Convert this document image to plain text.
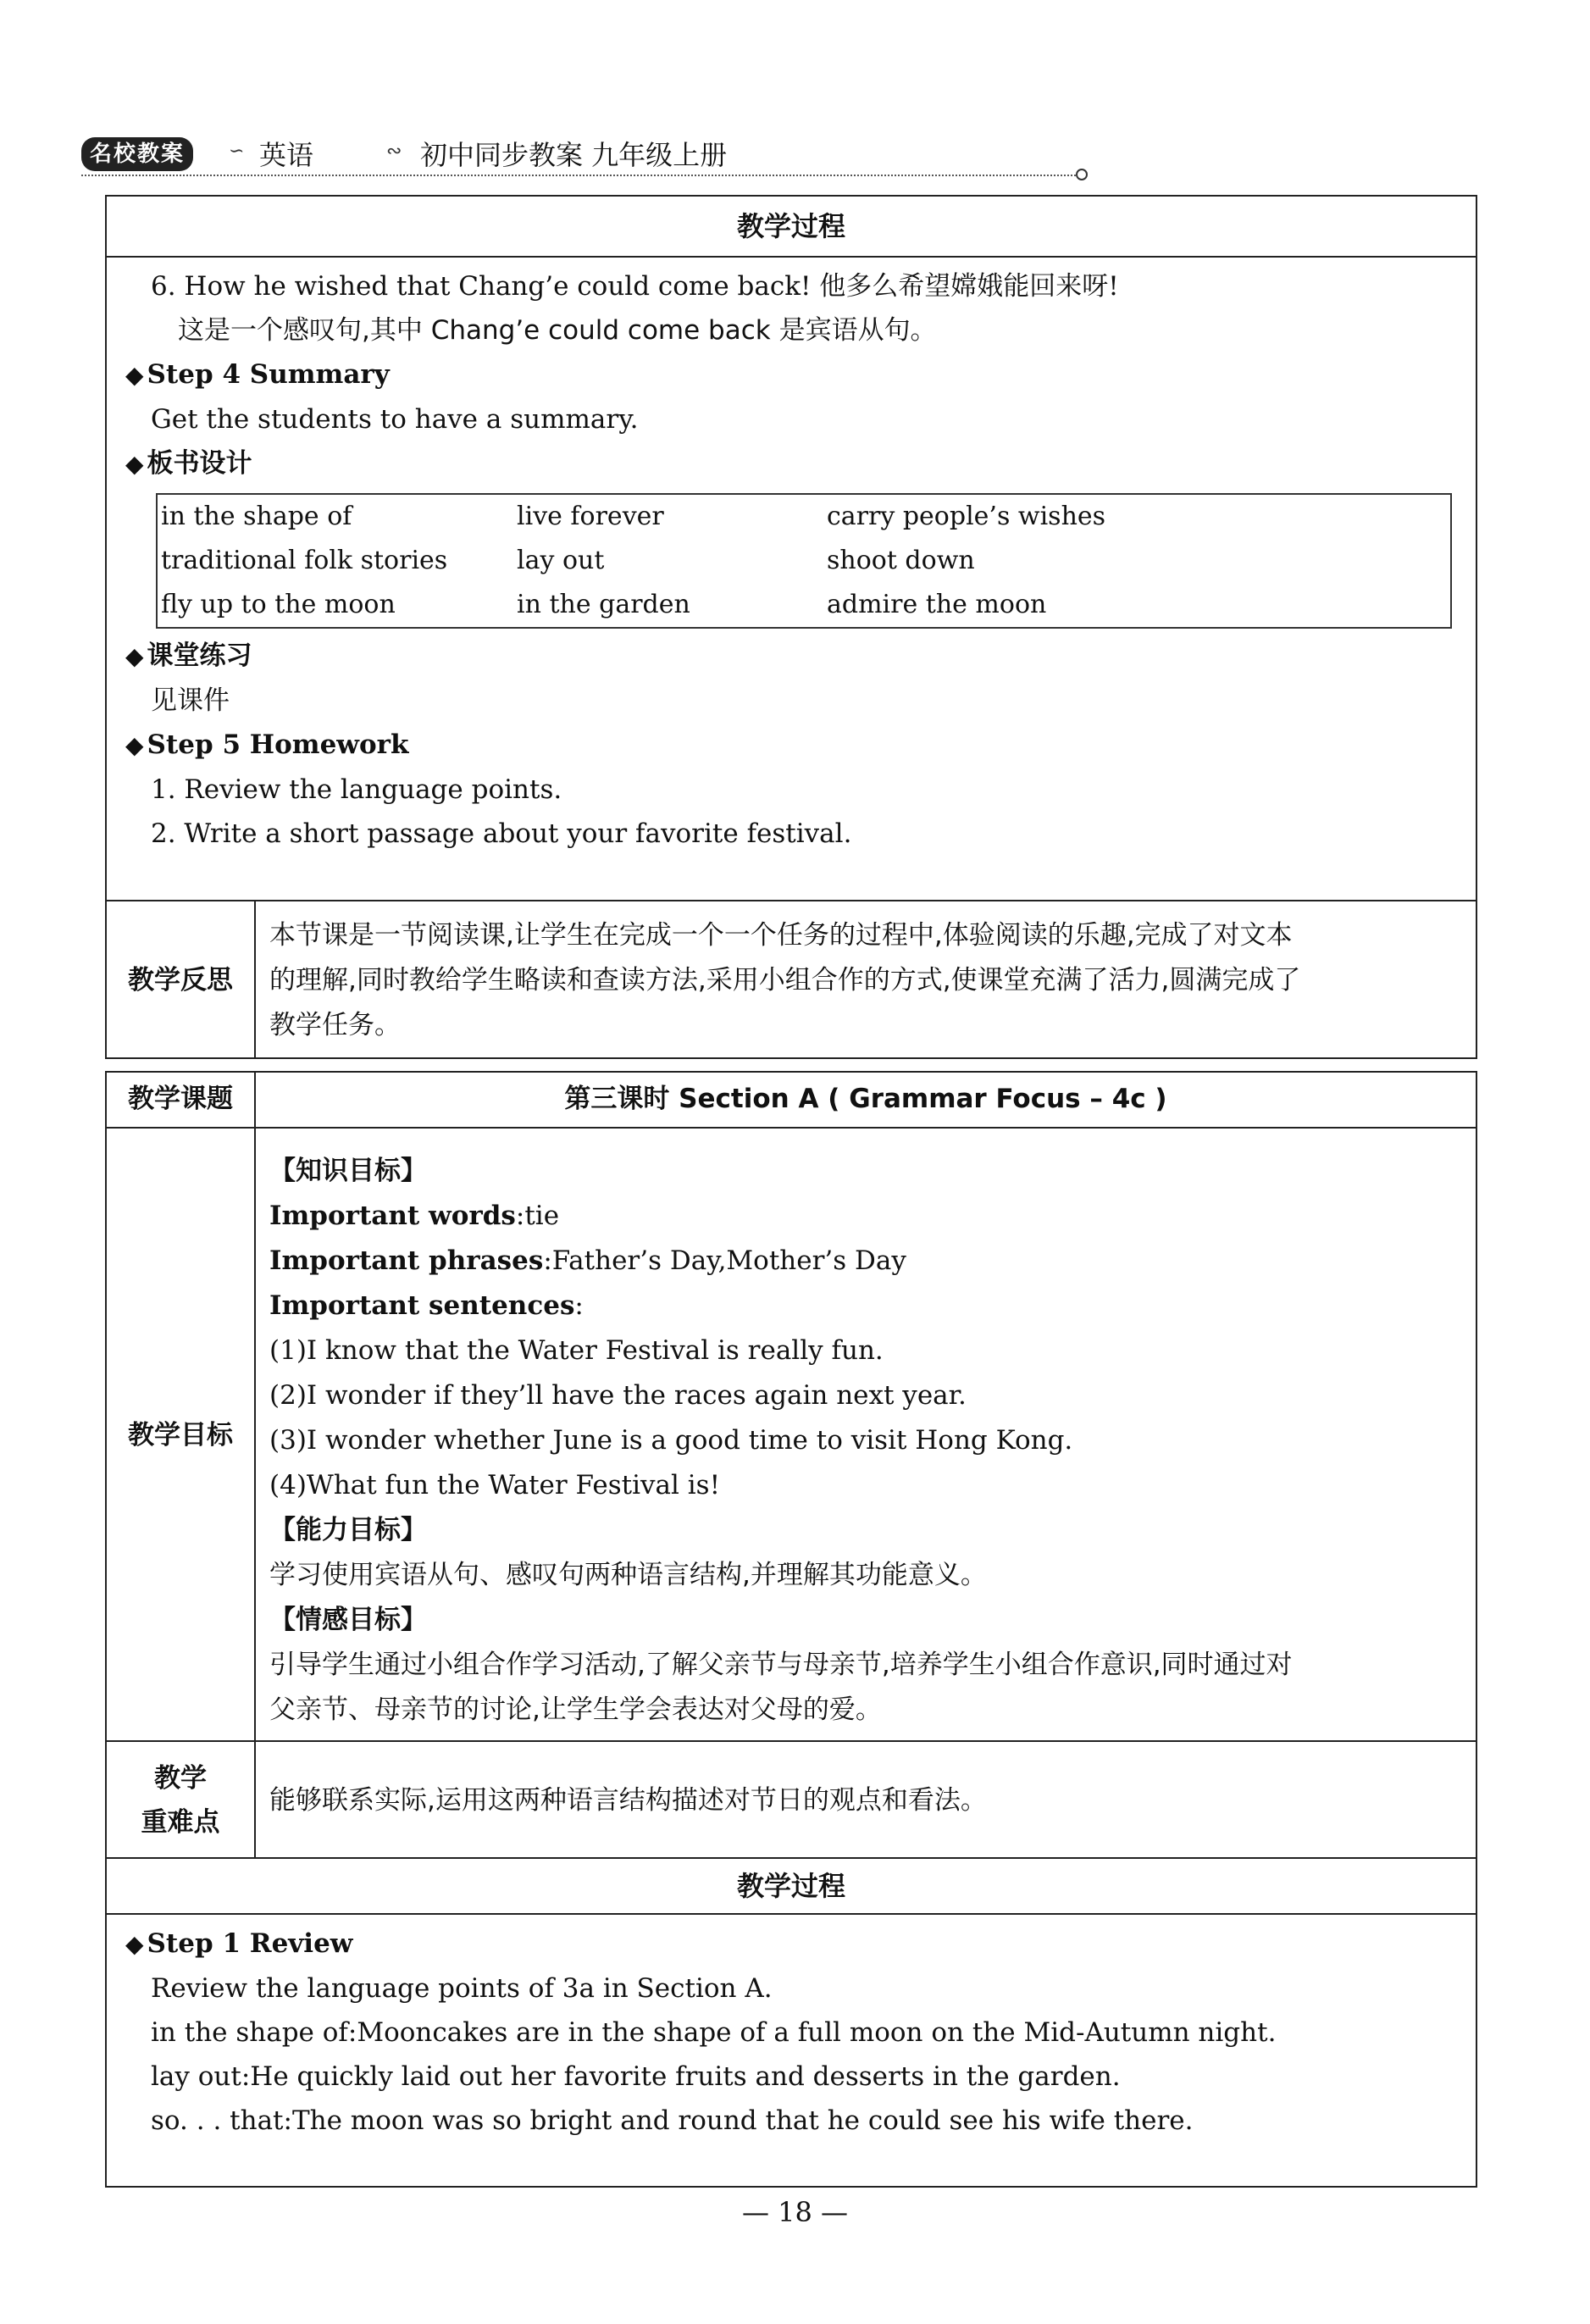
名校教案	∽ 英语	∾ 初中同步教案 九年级上册
教学过程
6. How he wished that Chang’e could come back! 他多么希望嫦娥能回来呀!
这是一个感叹句,其中 Chang’e could come back 是宾语从句。
◆ Step 4 Summary
Get the students to have a summary.
◆ 板书设计
in the shape of	live forever	carry people’s wishes
traditional folk stories	lay out	shoot down
fly up to the moon	in the garden	admire the moon
◆ 课堂练习
见课件
◆ Step 5 Homework
1. Review the language points.
2. Write a short passage about your favorite festival.
教学反思
本节课是一节阅读课,让学生在完成一个一个任务的过程中,体验阅读的乐趣,完成了对文本
的理解,同时教给学生略读和查读方法,采用小组合作的方式,使课堂充满了活力,圆满完成了
教学任务。
教学课题	第三课时 Section A ( Grammar Focus – 4c )
教学目标
【知识目标】
Important words:tie
Important phrases:Father’s Day,Mother’s Day
Important sentences:
(1)I know that the Water Festival is really fun.
(2)I wonder if they’ll have the races again next year.
(3)I wonder whether June is a good time to visit Hong Kong.
(4)What fun the Water Festival is!
【能力目标】
学习使用宾语从句、感叹句两种语言结构,并理解其功能意义。
【情感目标】
引导学生通过小组合作学习活动,了解父亲节与母亲节,培养学生小组合作意识,同时通过对
父亲节、母亲节的讨论,让学生学会表达对父母的爱。
教学
重难点
能够联系实际,运用这两种语言结构描述对节日的观点和看法。
教学过程
◆ Step 1 Review
Review the language points of 3a in Section A.
in the shape of:Mooncakes are in the shape of a full moon on the Mid-Autumn night.
lay out:He quickly laid out her favorite fruits and desserts in the garden.
so. . . that:The moon was so bright and round that he could see his wife there.
— 18 —
